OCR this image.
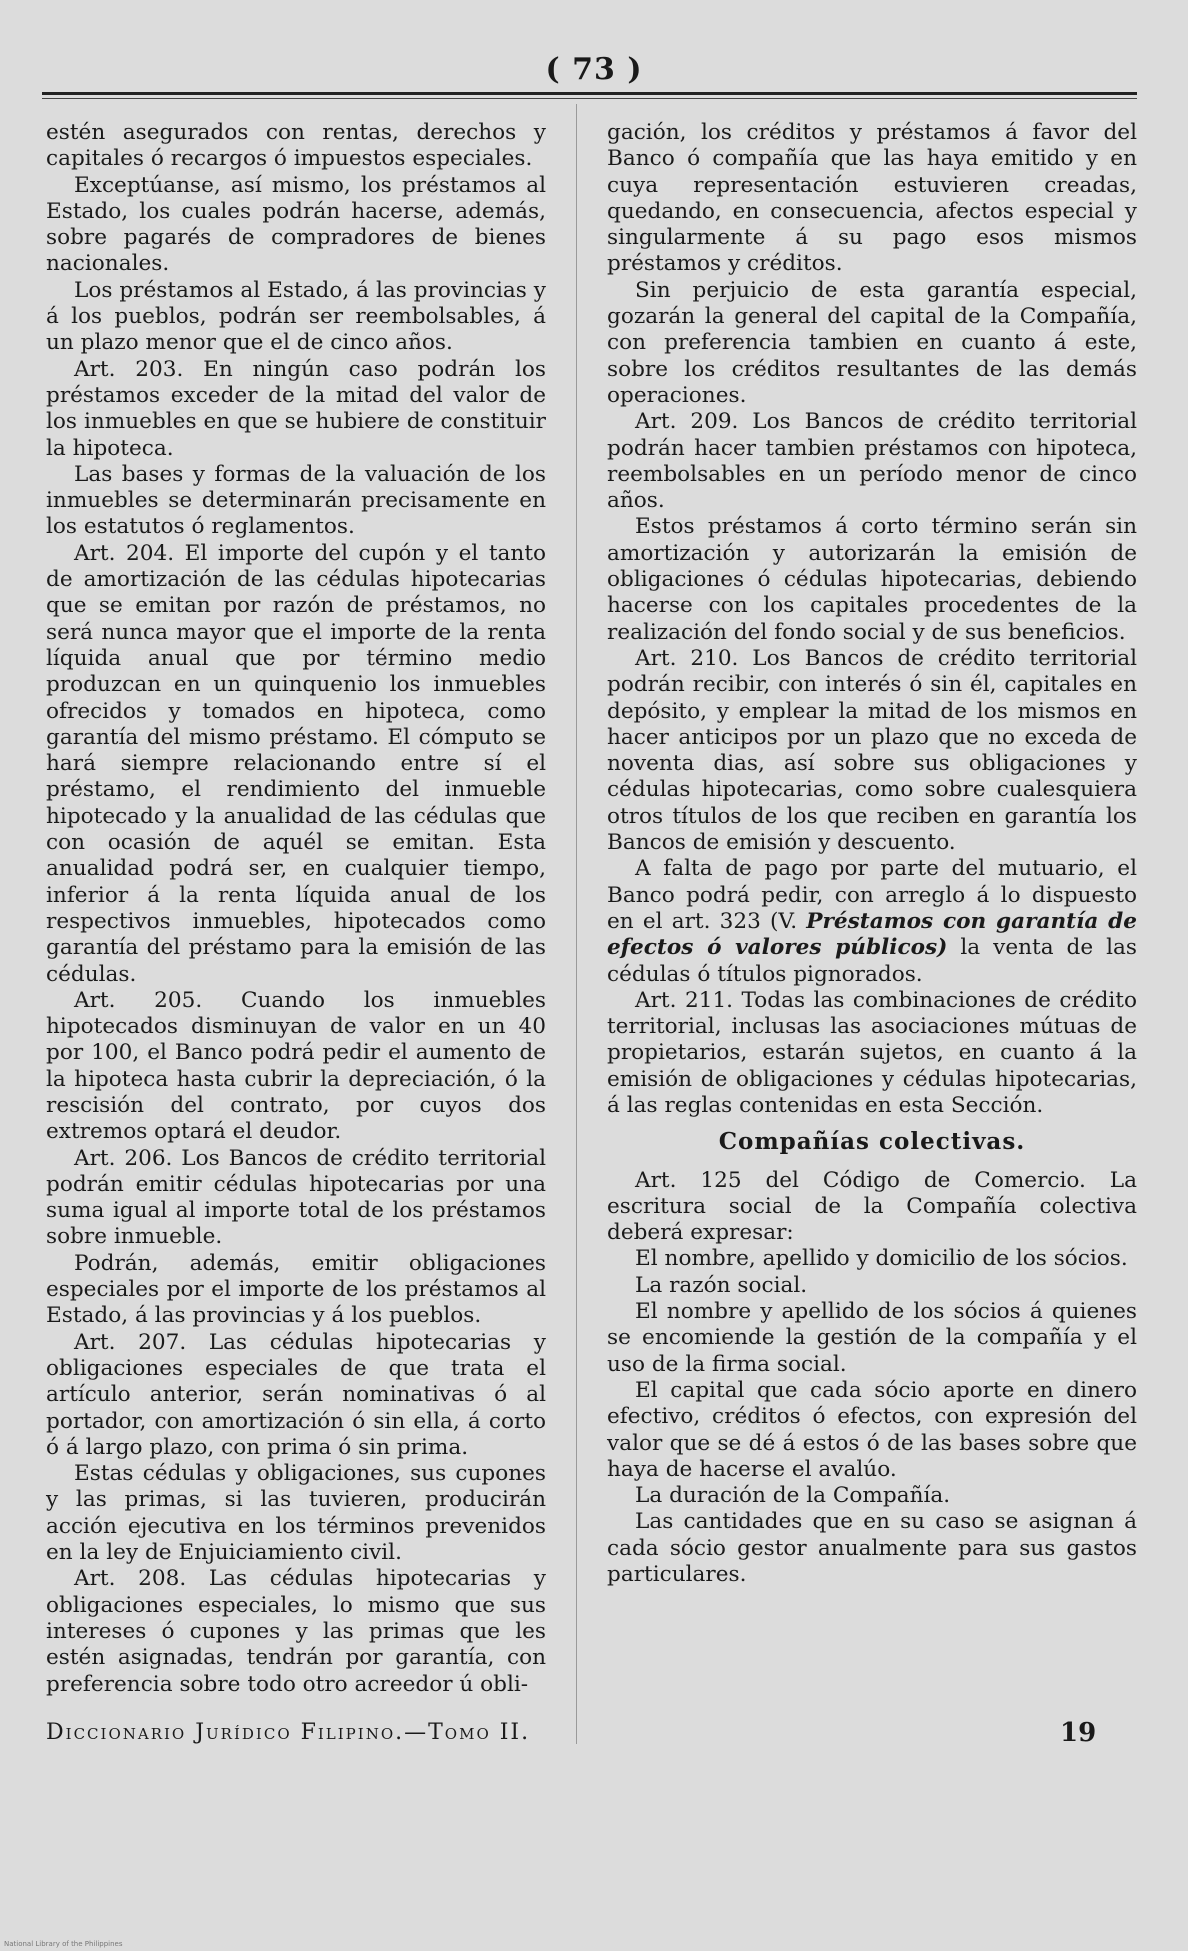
( 73 )

estén asegurados con rentas, derechos y capitales ó recargos ó impuestos especiales.

Exceptúanse, así mismo, los préstamos al Estado, los cuales podrán hacerse, además, sobre pagarés de compradores de bienes nacionales.

Los préstamos al Estado, á las provincias y á los pueblos, podrán ser reembolsables, á un plazo menor que el de cinco años.

Art. 203. En ningún caso podrán los préstamos exceder de la mitad del valor de los inmuebles en que se hubiere de constituir la hipoteca.

Las bases y formas de la valuación de los inmuebles se determinarán precisamente en los estatutos ó reglamentos.

Art. 204. El importe del cupón y el tanto de amortización de las cédulas hipotecarias que se emitan por razón de préstamos, no será nunca mayor que el importe de la renta líquida anual que por término medio produzcan en un quinquenio los inmuebles ofrecidos y tomados en hipoteca, como garantía del mismo préstamo. El cómputo se hará siempre relacionando entre sí el préstamo, el rendimiento del inmueble hipotecado y la anualidad de las cédulas que con ocasión de aquél se emitan. Esta anualidad podrá ser, en cualquier tiempo, inferior á la renta líquida anual de los respectivos inmuebles, hipotecados como garantía del préstamo para la emisión de las cédulas.

Art. 205. Cuando los inmuebles hipotecados disminuyan de valor en un 40 por 100, el Banco podrá pedir el aumento de la hipoteca hasta cubrir la depreciación, ó la rescisión del contrato, por cuyos dos extremos optará el deudor.

Art. 206. Los Bancos de crédito territorial podrán emitir cédulas hipotecarias por una suma igual al importe total de los préstamos sobre inmueble.

Podrán, además, emitir obligaciones especiales por el importe de los préstamos al Estado, á las provincias y á los pueblos.

Art. 207. Las cédulas hipotecarias y obligaciones especiales de que trata el artículo anterior, serán nominativas ó al portador, con amortización ó sin ella, á corto ó á largo plazo, con prima ó sin prima.

Estas cédulas y obligaciones, sus cupones y las primas, si las tuvieren, producirán acción ejecutiva en los términos prevenidos en la ley de Enjuiciamiento civil.

Art. 208. Las cédulas hipotecarias y obligaciones especiales, lo mismo que sus intereses ó cupones y las primas que les estén asignadas, tendrán por garantía, con preferencia sobre todo otro acreedor ú obli-

gación, los créditos y préstamos á favor del Banco ó compañía que las haya emitido y en cuya representación estuvieren creadas, quedando, en consecuencia, afectos especial y singularmente á su pago esos mismos préstamos y créditos.

Sin perjuicio de esta garantía especial, gozarán la general del capital de la Compañía, con preferencia tambien en cuanto á este, sobre los créditos resultantes de las demás operaciones.

Art. 209. Los Bancos de crédito territorial podrán hacer tambien préstamos con hipoteca, reembolsables en un período menor de cinco años.

Estos préstamos á corto término serán sin amortización y autorizarán la emisión de obligaciones ó cédulas hipotecarias, debiendo hacerse con los capitales procedentes de la realización del fondo social y de sus beneficios.

Art. 210. Los Bancos de crédito territorial podrán recibir, con interés ó sin él, capitales en depósito, y emplear la mitad de los mismos en hacer anticipos por un plazo que no exceda de noventa dias, así sobre sus obligaciones y cédulas hipotecarias, como sobre cualesquiera otros títulos de los que reciben en garantía los Bancos de emisión y descuento.

A falta de pago por parte del mutuario, el Banco podrá pedir, con arreglo á lo dispuesto en el art. 323 (V. Préstamos con garantía de efectos ó valores públicos) la venta de las cédulas ó títulos pignorados.

Art. 211. Todas las combinaciones de crédito territorial, inclusas las asociaciones mútuas de propietarios, estarán sujetos, en cuanto á la emisión de obligaciones y cédulas hipotecarias, á las reglas contenidas en esta Sección.

Compañías colectivas.

Art. 125 del Código de Comercio. La escritura social de la Compañía colectiva deberá expresar:

El nombre, apellido y domicilio de los sócios.

La razón social.

El nombre y apellido de los sócios á quienes se encomiende la gestión de la compañía y el uso de la firma social.

El capital que cada sócio aporte en dinero efectivo, créditos ó efectos, con expresión del valor que se dé á estos ó de las bases sobre que haya de hacerse el avalúo.

La duración de la Compañía.

Las cantidades que en su caso se asignan á cada sócio gestor anualmente para sus gastos particulares.

Diccionario Jurídico Filipino.—Tomo II.	19
National Library of the Philippines
